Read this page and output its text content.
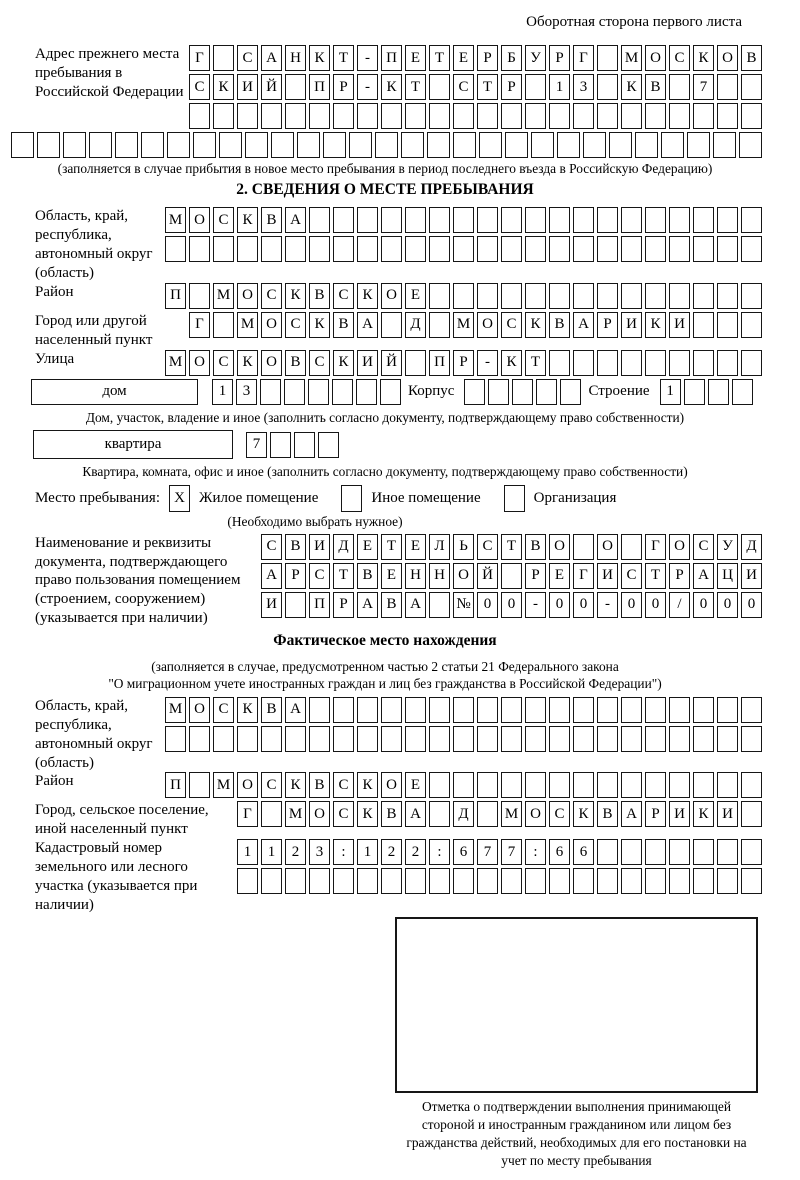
Оборотная сторона первого листа
Адрес прежнего места пребывания в Российской Федерации
Г	С А Н К Т	-	П Е Т Е	Р	Б У Р	Г	М О С К О В
С К И Й	П Р	-	К Т	С Т	Р	1	3	К В	7
(заполняется в случае прибытия в новое место пребывания в период последнего въезда в Российскую Федерацию)
2. СВЕДЕНИЯ О МЕСТЕ ПРЕБЫВАНИЯ
Область, край, республика, автономный округ (область)
М О С К В А
Район	П	М О С К В С К О Е
Город или другой населенный пункт
Г	М О С К В А	Д	М О С К В А Р И К И
Улица	М О С К О В С К И Й	П Р	-	К Т
дом	1	3	Корпус	Строение	1
Дом, участок, владение и иное (заполнить согласно документу, подтверждающему право собственности)
квартира	7
Квартира, комната, офис и иное (заполнить согласно документу, подтверждающему право собственности)
Место пребывания: X Жилое помещение	Иное помещение	Организация
(Необходимо выбрать нужное)
Наименование и реквизиты документа, подтверждающего право пользования помещением (строением, сооружением) (указывается при наличии)
С В И Д Е Т Е Л Ь С Т В О	О	Г О С У Д
А Р С Т В Е Н Н О Й	Р	Е	Г И С Т	Р А Ц И
И	П Р А В А	№ 0	0	-	0	0	-	0	0	/	0	0	0
Фактическое место нахождения
(заполняется в случае, предусмотренном частью 2 статьи 21 Федерального закона
"О миграционном учете иностранных граждан и лиц без гражданства в Российской Федерации")
Область, край, республика, автономный округ (область)
М О С К В А
Район	П	М О С К В С К О Е
Город, сельское поселение, иной населенный пункт
Г	М О С К В А	Д	М О С К В А Р И К И
Кадастровый номер земельного или лесного участка (указывается при наличии)
1	1	2	3	:	1	2	2	:	6	7	7	:	6	6
Отметка о подтверждении выполнения принимающей стороной и иностранным гражданином или лицом без гражданства действий, необходимых для его постановки на учет по месту пребывания
